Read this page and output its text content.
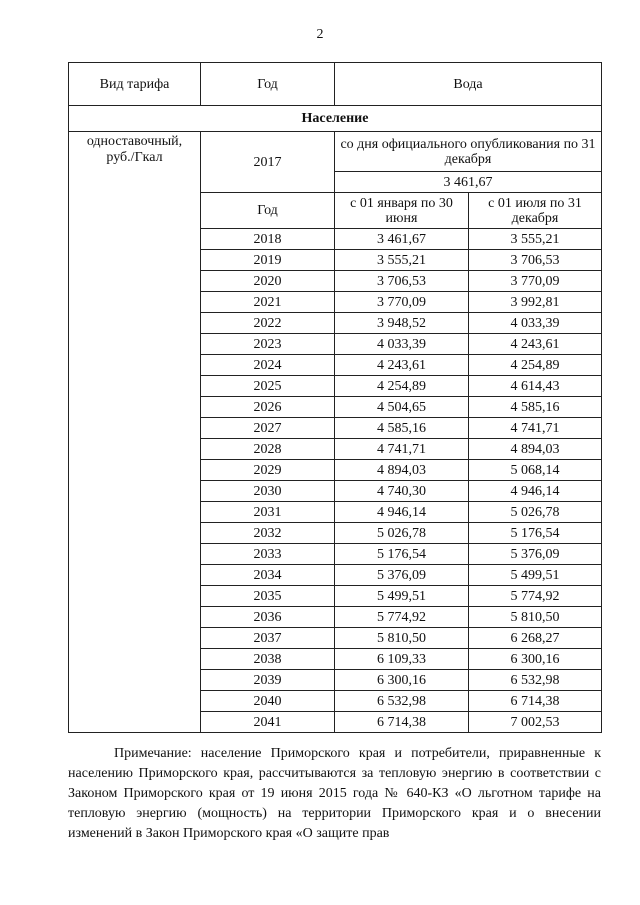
2
Вид тарифа	Год	Вода	
Население			
одноставочный, руб./Гкал	2017	со дня официального опубликования по 31 декабря	
		3 461,67	
	Год	с 01 января по 30 июня	с 01 июля по 31 декабря
	2018	3 461,67	3 555,21
	2019	3 555,21	3 706,53
	2020	3 706,53	3 770,09
	2021	3 770,09	3 992,81
	2022	3 948,52	4 033,39
	2023	4 033,39	4 243,61
	2024	4 243,61	4 254,89
	2025	4 254,89	4 614,43
	2026	4 504,65	4 585,16
	2027	4 585,16	4 741,71
	2028	4 741,71	4 894,03
	2029	4 894,03	5 068,14
	2030	4 740,30	4 946,14
	2031	4 946,14	5 026,78
	2032	5 026,78	5 176,54
	2033	5 176,54	5 376,09
	2034	5 376,09	5 499,51
	2035	5 499,51	5 774,92
	2036	5 774,92	5 810,50
	2037	5 810,50	6 268,27
	2038	6 109,33	6 300,16
	2039	6 300,16	6 532,98
	2040	6 532,98	6 714,38
	2041	6 714,38	7 002,53

Примечание: население Приморского края и потребители, приравненные к населению Приморского края, рассчитываются за тепловую энергию в соответствии с Законом Приморского края от 19 июня 2015 года № 640-КЗ «О льготном тарифе на тепловую энергию (мощность) на территории Приморского края и о внесении изменений в Закон Приморского края «О защите прав
